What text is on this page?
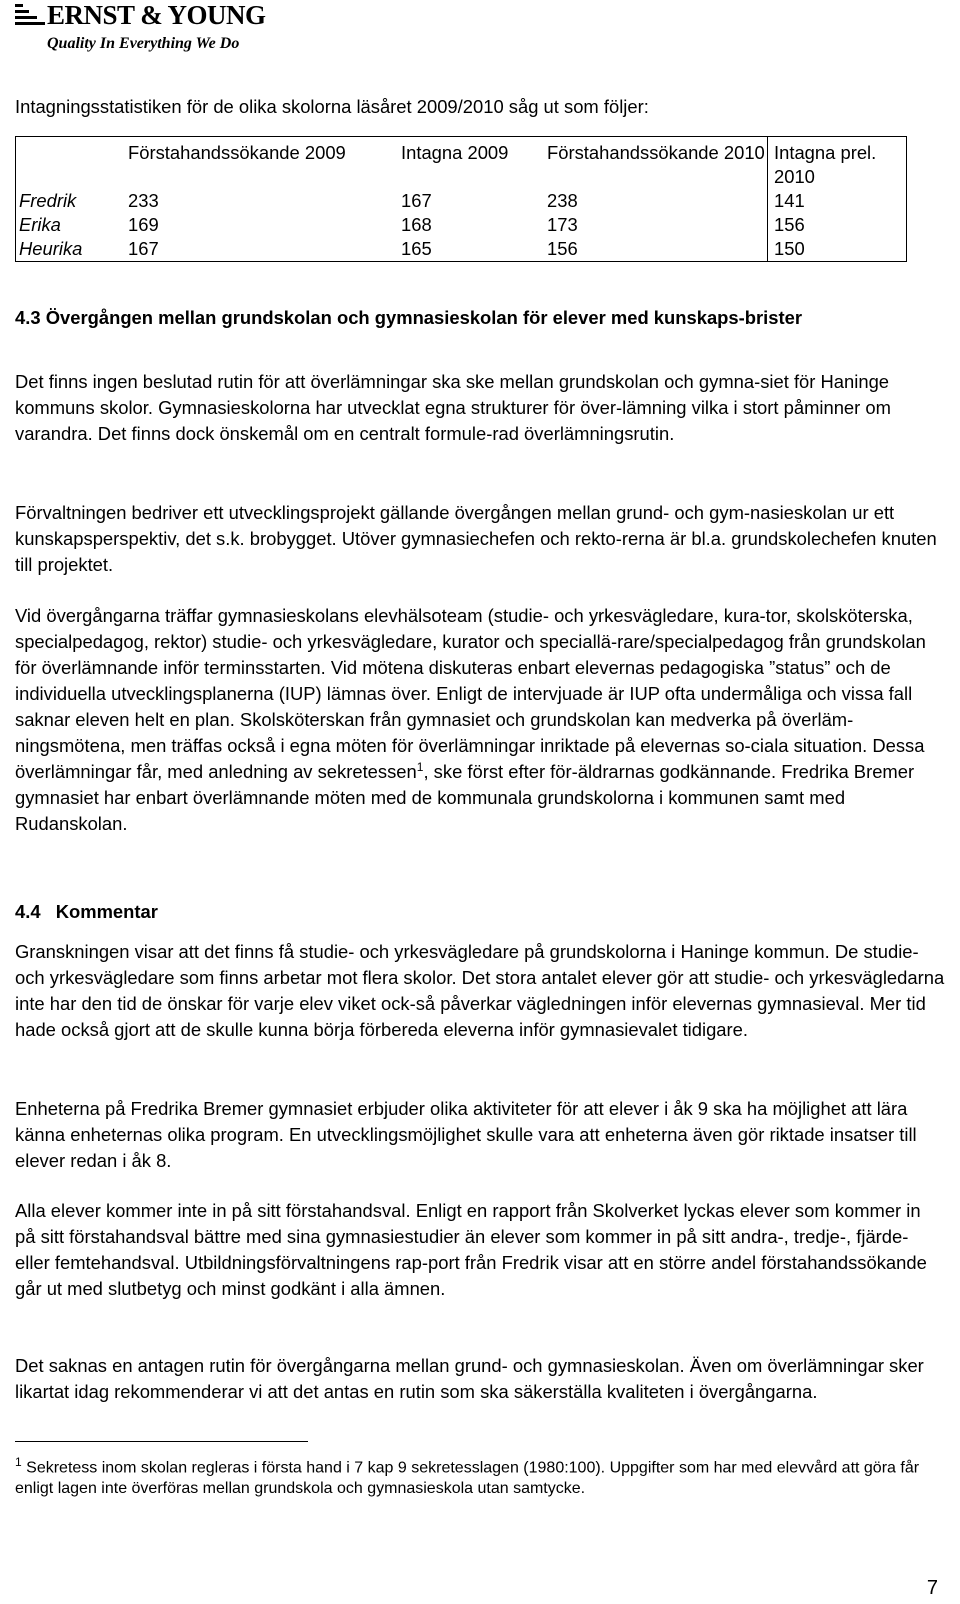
ERNST & YOUNG
Quality In Everything We Do
Intagningsstatistiken för de olika skolorna läsåret 2009/2010 såg ut som följer:
	Förstahandssökande 2009	Intagna 2009	Förstahandssökande 2010	Intagna prel. 2010
Fredrik	233	167	238	141
Erika	169	168	173	156
Heurika	167	165	156	150
4.3 Övergången mellan grundskolan och gymnasieskolan för elever med kunskaps-brister
Det finns ingen beslutad rutin för att överlämningar ska ske mellan grundskolan och gymna-siet för Haninge kommuns skolor. Gymnasieskolorna har utvecklat egna strukturer för över-lämning vilka i stort påminner om varandra. Det finns dock önskemål om en centralt formule-rad överlämningsrutin.
Förvaltningen bedriver ett utvecklingsprojekt gällande övergången mellan grund- och gym-nasieskolan ur ett kunskapsperspektiv, det s.k. brobygget. Utöver gymnasiechefen och rekto-rerna är bl.a. grundskolechefen knuten till projektet.
Vid övergångarna träffar gymnasieskolans elevhälsoteam (studie- och yrkesvägledare, kura-tor, skolsköterska, specialpedagog, rektor) studie- och yrkesvägledare, kurator och speciallä-rare/specialpedagog från grundskolan för överlämnande inför terminsstarten. Vid mötena diskuteras enbart elevernas pedagogiska ”status” och de individuella utvecklingsplanerna (IUP) lämnas över. Enligt de intervjuade är IUP ofta undermåliga och vissa fall saknar eleven helt en plan. Skolsköterskan från gymnasiet och grundskolan kan medverka på överläm-ningsmötena, men träffas också i egna möten för överlämningar inriktade på elevernas so-ciala situation. Dessa överlämningar får, med anledning av sekretessen$^1$, ske först efter för-äldrarnas godkännande. Fredrika Bremer gymnasiet har enbart överlämnande möten med de kommunala grundskolorna i kommunen samt med Rudanskolan.
4.4 Kommentar
Granskningen visar att det finns få studie- och yrkesvägledare på grundskolorna i Haninge kommun. De studie- och yrkesvägledare som finns arbetar mot flera skolor. Det stora antalet elever gör att studie- och yrkesvägledarna inte har den tid de önskar för varje elev viket ock-så påverkar vägledningen inför elevernas gymnasieval. Mer tid hade också gjort att de skulle kunna börja förbereda eleverna inför gymnasievalet tidigare.
Enheterna på Fredrika Bremer gymnasiet erbjuder olika aktiviteter för att elever i åk 9 ska ha möjlighet att lära känna enheternas olika program. En utvecklingsmöjlighet skulle vara att enheterna även gör riktade insatser till elever redan i åk 8.
Alla elever kommer inte in på sitt förstahandsval. Enligt en rapport från Skolverket lyckas elever som kommer in på sitt förstahandsval bättre med sina gymnasiestudier än elever som kommer in på sitt andra-, tredje-, fjärde- eller femtehandsval. Utbildningsförvaltningens rap-port från Fredrik visar att en större andel förstahandssökande går ut med slutbetyg och minst godkänt i alla ämnen.
Det saknas en antagen rutin för övergångarna mellan grund- och gymnasieskolan. Även om överlämningar sker likartat idag rekommenderar vi att det antas en rutin som ska säkerställa kvaliteten i övergångarna.
$^1$ Sekretess inom skolan regleras i första hand i 7 kap 9 sekretesslagen (1980:100). Uppgifter som har med elevvård att göra får enligt lagen inte överföras mellan grundskola och gymnasieskola utan samtycke.
7
